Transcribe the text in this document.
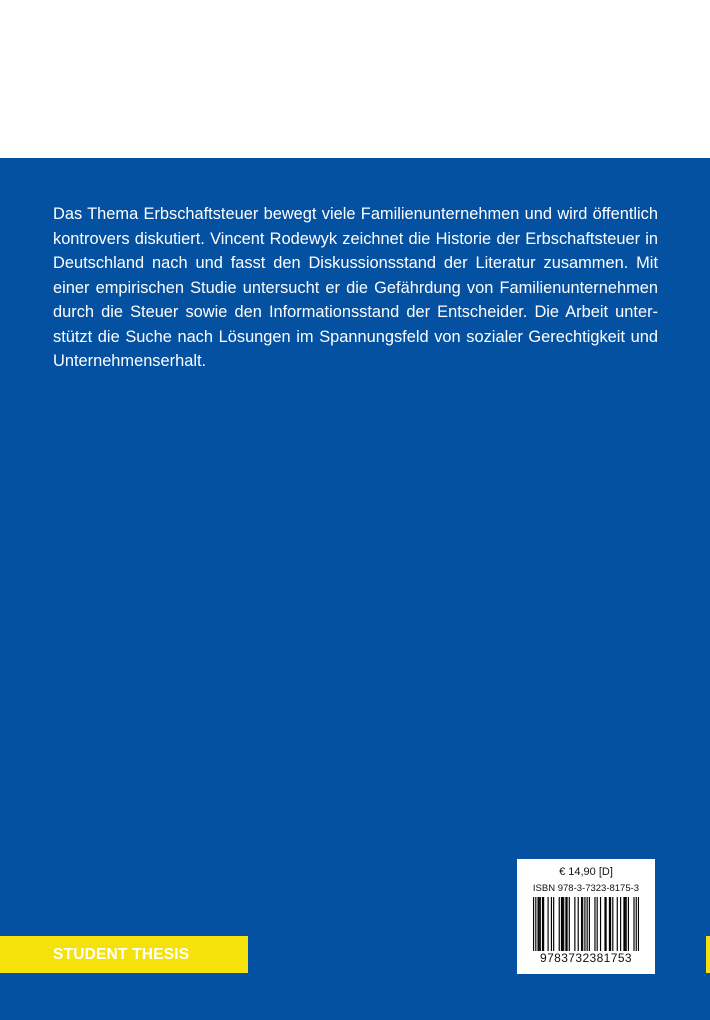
Das Thema Erbschaftsteuer bewegt viele Familienunternehmen und wird öffentlich kontrovers diskutiert. Vincent Rodewyk zeichnet die Historie der Erbschaftsteuer in Deutschland nach und fasst den Diskussionsstand der Literatur zusammen. Mit einer empirischen Studie untersucht er die Gefährdung von Familienunternehmen durch die Steuer sowie den Informationsstand der Entscheider. Die Arbeit unterstützt die Suche nach Lösungen im Spannungsfeld von sozialer Gerechtigkeit und Unternehmenserhalt.

€ 14,90 [D]
ISBN 978-3-7323-8175-3
9783732381753
STUDENT THESIS
